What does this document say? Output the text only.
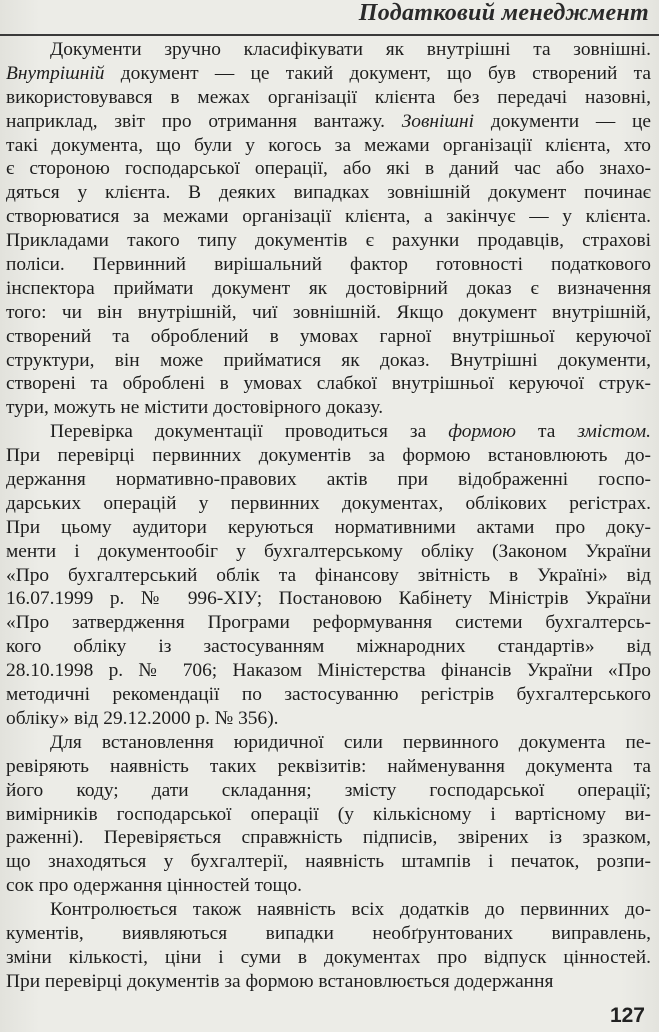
Податковий менеджмент
Документи зручно класифікувати як внутрішні та зовнішні.
Внутрішній документ — це такий документ, що був створений та
використовувався в межах організації клієнта без передачі назовні,
наприклад, звіт про отримання вантажу. Зовнішні документи — це
такі документа, що були у когось за межами організації клієнта, хто
є стороною господарської операції, або які в даний час або знахо-
дяться у клієнта. В деяких випадках зовнішній документ починає
створюватися за межами організації клієнта, а закінчує — у клієнта.
Прикладами такого типу документів є рахунки продавців, страхові
поліси. Первинний вирішальний фактор готовності податкового
інспектора приймати документ як достовірний доказ є визначення
того: чи він внутрішній, чиї зовнішній. Якщо документ внутрішній,
створений та оброблений в умовах гарної внутрішньої керуючої
структури, він може прийматися як доказ. Внутрішні документи,
створені та оброблені в умовах слабкої внутрішньої керуючої струк-
тури, можуть не містити достовірного доказу.
Перевірка документації проводиться за формою та змістом.
При перевірці первинних документів за формою встановлюють до-
держання нормативно-правових актів при відображенні госпо-
дарських операцій у первинних документах, облікових регістрах.
При цьому аудитори керуються нормативними актами про доку-
менти і документообіг у бухгалтерському обліку (Законом України
«Про бухгалтерський облік та фінансову звітність в Україні» від
16.07.1999 р. № 996-ХІУ; Постановою Кабінету Міністрів України
«Про затвердження Програми реформування системи бухгалтерсь-
кого обліку із застосуванням міжнародних стандартів» від
28.10.1998 р. № 706; Наказом Міністерства фінансів України «Про
методичні рекомендації по застосуванню регістрів бухгалтерського
обліку» від 29.12.2000 р. № 356).
Для встановлення юридичної сили первинного документа пе-
ревіряють наявність таких реквізитів: найменування документа та
його коду; дати складання; змісту господарської операції;
вимірників господарської операції (у кількісному і вартісному ви-
раженні). Перевіряється справжність підписів, звірених із зразком,
що знаходяться у бухгалтерії, наявність штампів і печаток, розпи-
сок про одержання цінностей тощо.
Контролюється також наявність всіх додатків до первинних до-
кументів, виявляються випадки необґрунтованих виправлень,
зміни кількості, ціни і суми в документах про відпуск цінностей.
При перевірці документів за формою встановлюється додержання
127
